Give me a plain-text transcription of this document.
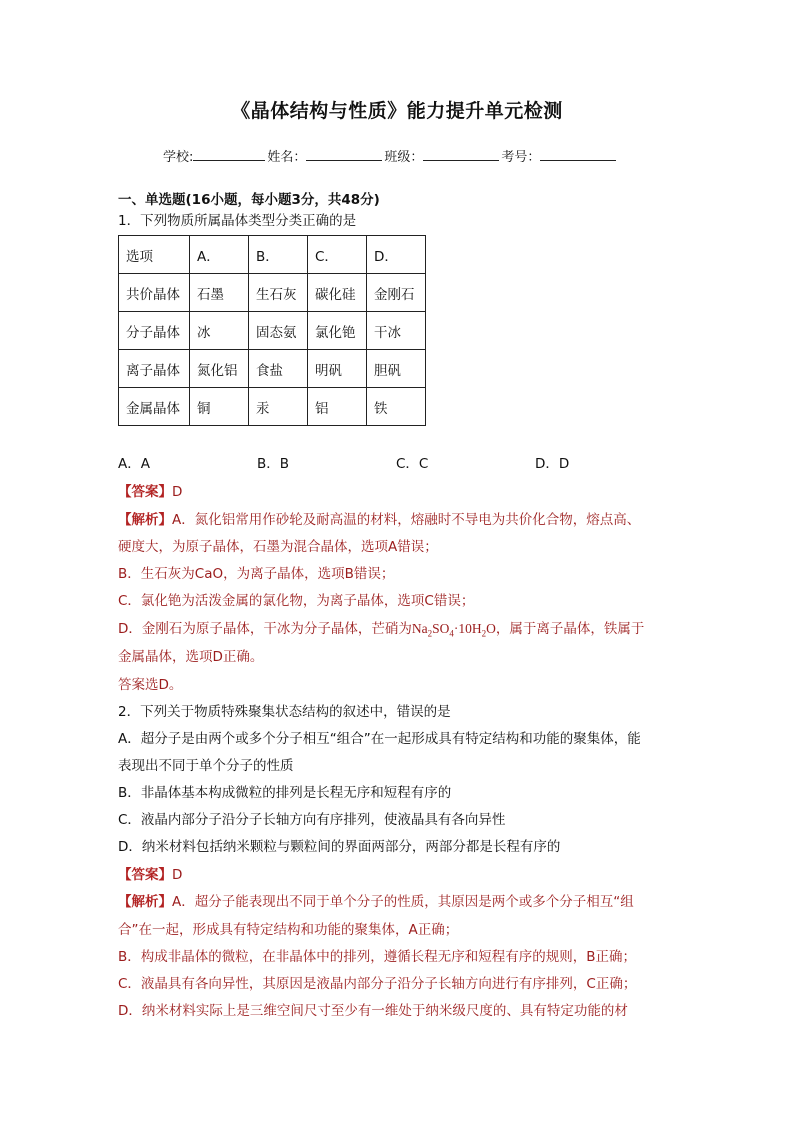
《晶体结构与性质》能力提升单元检测
学校:	姓名：	班级：	考号：
一、单选题(16小题，每小题3分，共48分)
1．下列物质所属晶体类型分类正确的是
选项	A．	B．	C．	D．
共价晶体	石墨	生石灰	碳化硅	金刚石
分子晶体	冰	固态氨	氯化铯	干冰
离子晶体	氮化铝	食盐	明矾	胆矾
金属晶体	铜	汞	铝	铁
A．A	B．B	C．C	D．D
【答案】D
【解析】A．氮化铝常用作砂轮及耐高温的材料，熔融时不导电为共价化合物，熔点高、
硬度大，为原子晶体，石墨为混合晶体，选项A错误；
B．生石灰为CaO，为离子晶体，选项B错误；
C．氯化铯为活泼金属的氯化物，为离子晶体，选项C错误；
D．金刚石为原子晶体，干冰为分子晶体，芒硝为$Na_2SO_4\cdot 10H_2O$，属于离子晶体，铁属于
金属晶体，选项D正确。
答案选D。
2．下列关于物质特殊聚集状态结构的叙述中，错误的是
A．超分子是由两个或多个分子相互“组合”在一起形成具有特定结构和功能的聚集体，能
表现出不同于单个分子的性质
B．非晶体基本构成微粒的排列是长程无序和短程有序的
C．液晶内部分子沿分子长轴方向有序排列，使液晶具有各向异性
D．纳米材料包括纳米颗粒与颗粒间的界面两部分，两部分都是长程有序的
【答案】D
【解析】A．超分子能表现出不同于单个分子的性质，其原因是两个或多个分子相互“组
合”在一起，形成具有特定结构和功能的聚集体，A正确；
B．构成非晶体的微粒，在非晶体中的排列，遵循长程无序和短程有序的规则，B正确；
C．液晶具有各向异性，其原因是液晶内部分子沿分子长轴方向进行有序排列，C正确；
D．纳米材料实际上是三维空间尺寸至少有一维处于纳米级尺度的、具有特定功能的材
